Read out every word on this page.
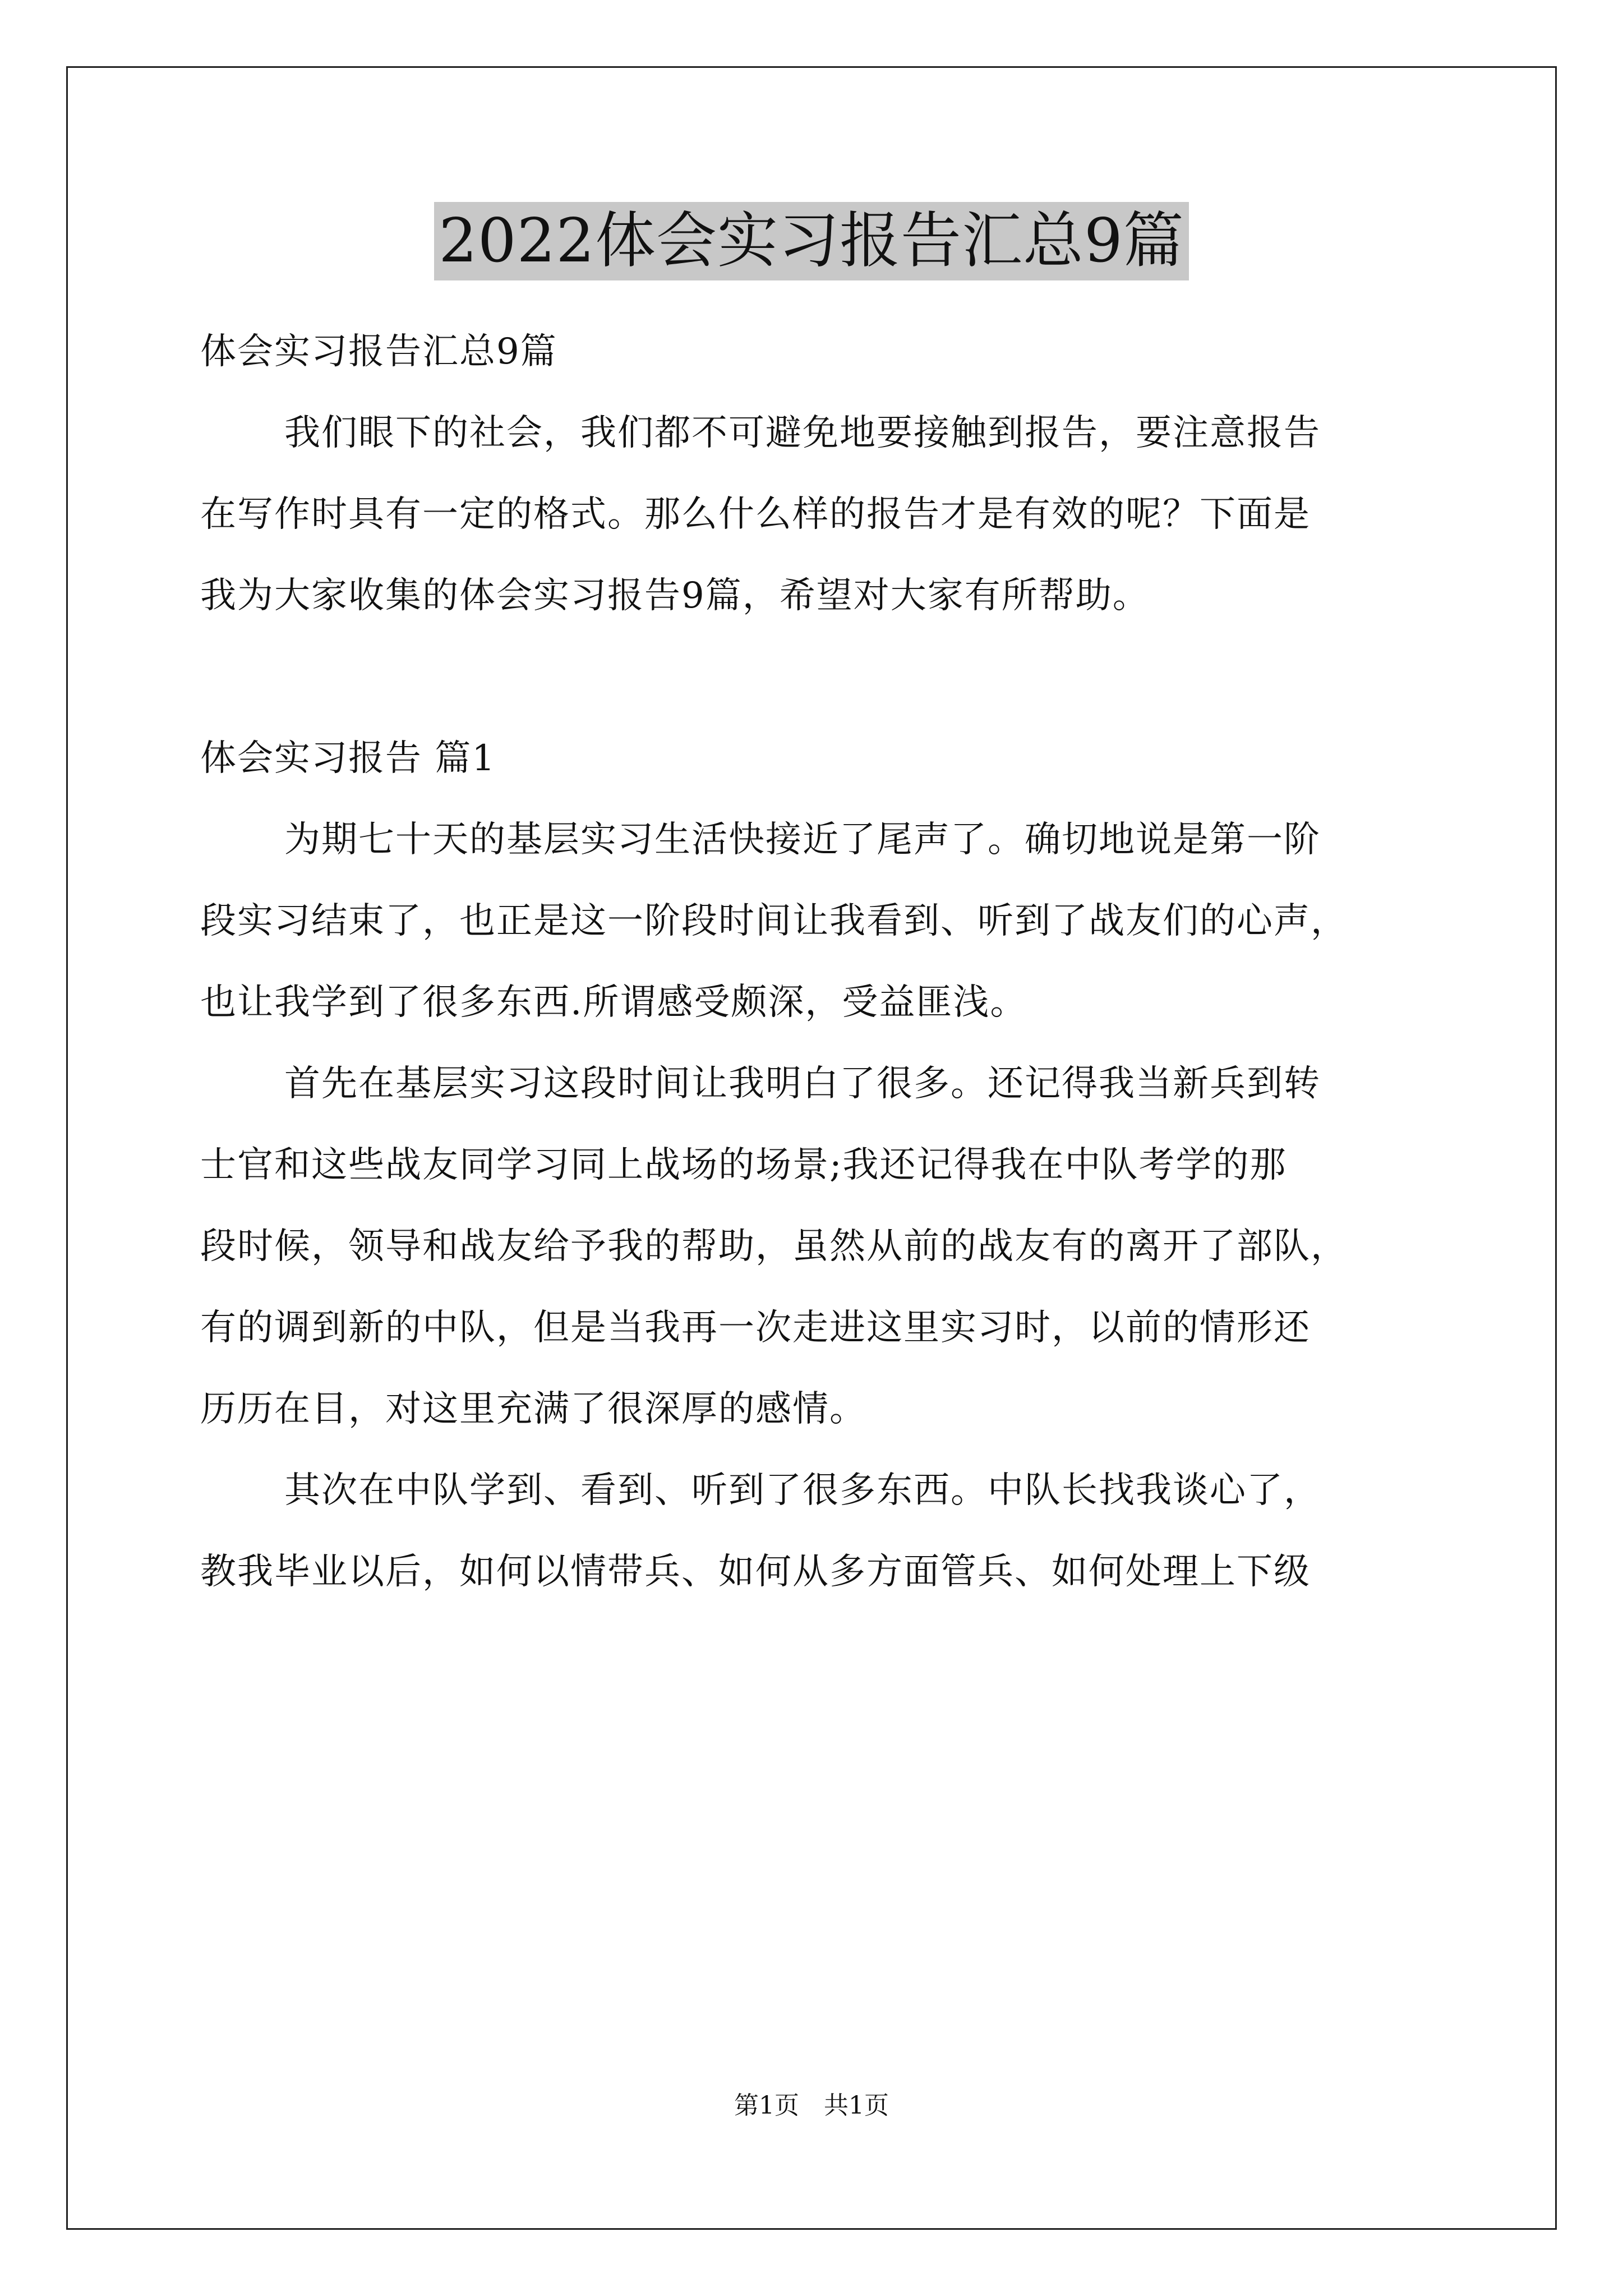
2022体会实习报告汇总9篇
体会实习报告汇总9篇
我们眼下的社会，我们都不可避免地要接触到报告，要注意报告
在写作时具有一定的格式。那么什么样的报告才是有效的呢？下面是
我为大家收集的体会实习报告9篇，希望对大家有所帮助。
体会实习报告 篇1
为期七十天的基层实习生活快接近了尾声了。确切地说是第一阶
段实习结束了，也正是这一阶段时间让我看到、听到了战友们的心声，
也让我学到了很多东西.所谓感受颇深，受益匪浅。
首先在基层实习这段时间让我明白了很多。还记得我当新兵到转
士官和这些战友同学习同上战场的场景;我还记得我在中队考学的那
段时候，领导和战友给予我的帮助，虽然从前的战友有的离开了部队，
有的调到新的中队，但是当我再一次走进这里实习时，以前的情形还
历历在目，对这里充满了很深厚的感情。
其次在中队学到、看到、听到了很多东西。中队长找我谈心了，
教我毕业以后，如何以情带兵、如何从多方面管兵、如何处理上下级
第1页 共1页
